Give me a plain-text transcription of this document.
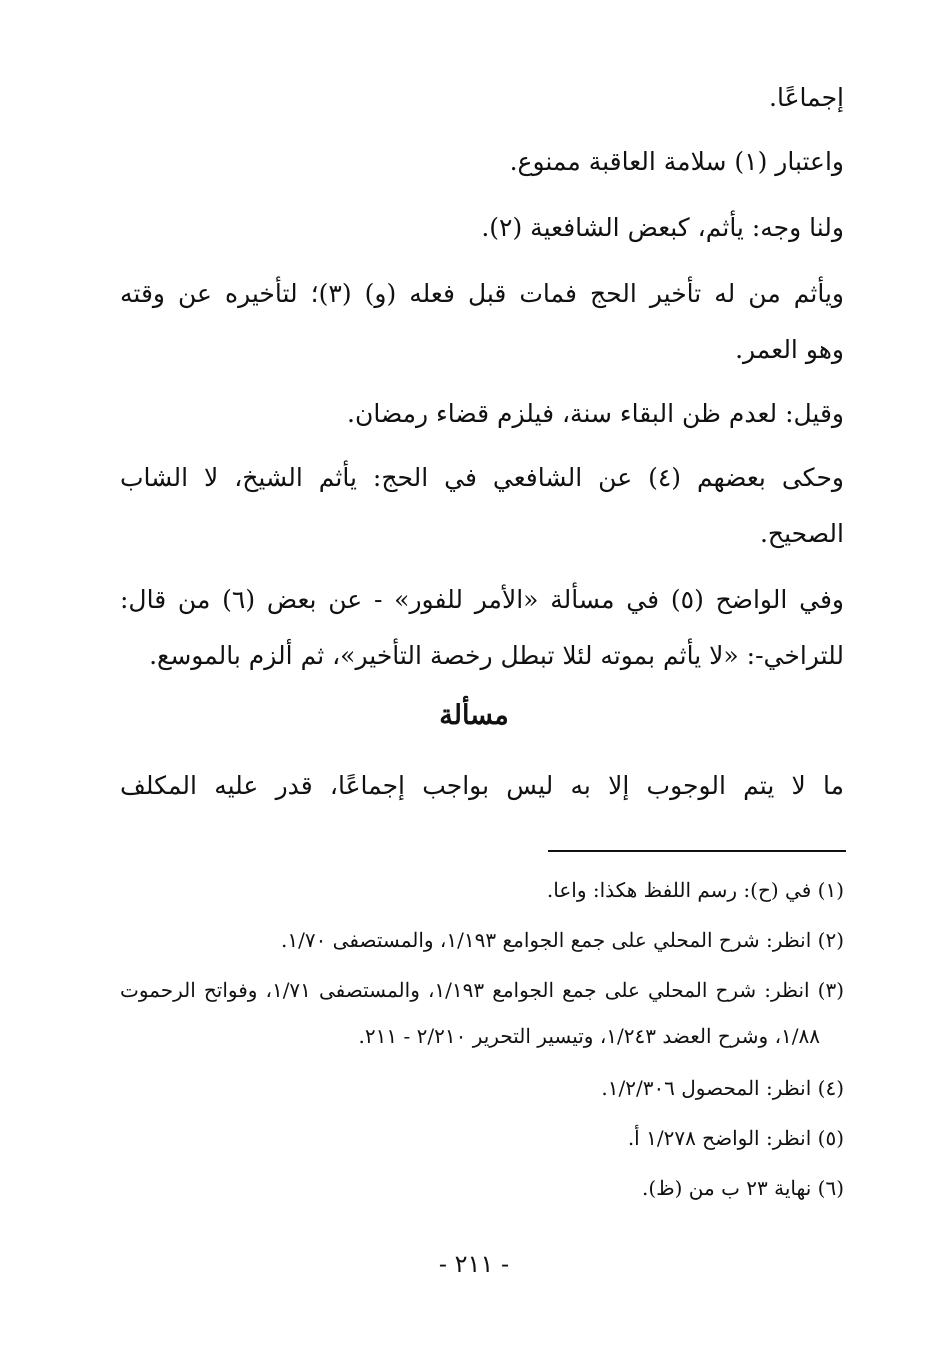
إجماعًا.
واعتبار (١) سلامة العاقبة ممنوع.
ولنا وجه: يأثم، كبعض الشافعية (٢).
ويأثم من له تأخير الحج فمات قبل فعله (و) (٣)؛ لتأخيره عن وقته
وهو العمر.
وقيل: لعدم ظن البقاء سنة، فيلزم قضاء رمضان.
وحكى بعضهم (٤) عن الشافعي في الحج: يأثم الشيخ، لا الشاب
الصحيح.
وفي الواضح (٥) في مسألة «الأمر للفور» - عن بعض (٦) من قال:
للتراخي-: «لا يأثم بموته لئلا تبطل رخصة التأخير»، ثم ألزم بالموسع.
مسألة
ما لا يتم الوجوب إلا به ليس بواجب إجماعًا، قدر عليه المكلف
(١) في (ح): رسم اللفظ هكذا: واعا.
(٢) انظر: شرح المحلي على جمع الجوامع ١/١٩٣، والمستصفى ١/٧٠.
(٣) انظر: شرح المحلي على جمع الجوامع ١/١٩٣، والمستصفى ١/٧١، وفواتح الرحموت
١/٨٨، وشرح العضد ١/٢٤٣، وتيسير التحرير ٢/٢١٠ - ٢١١.
(٤) انظر: المحصول ١/٢/٣٠٦.
(٥) انظر: الواضح ١/٢٧٨ أ.
(٦) نهاية ٢٣ ب من (ظ).
- ٢١١ -
